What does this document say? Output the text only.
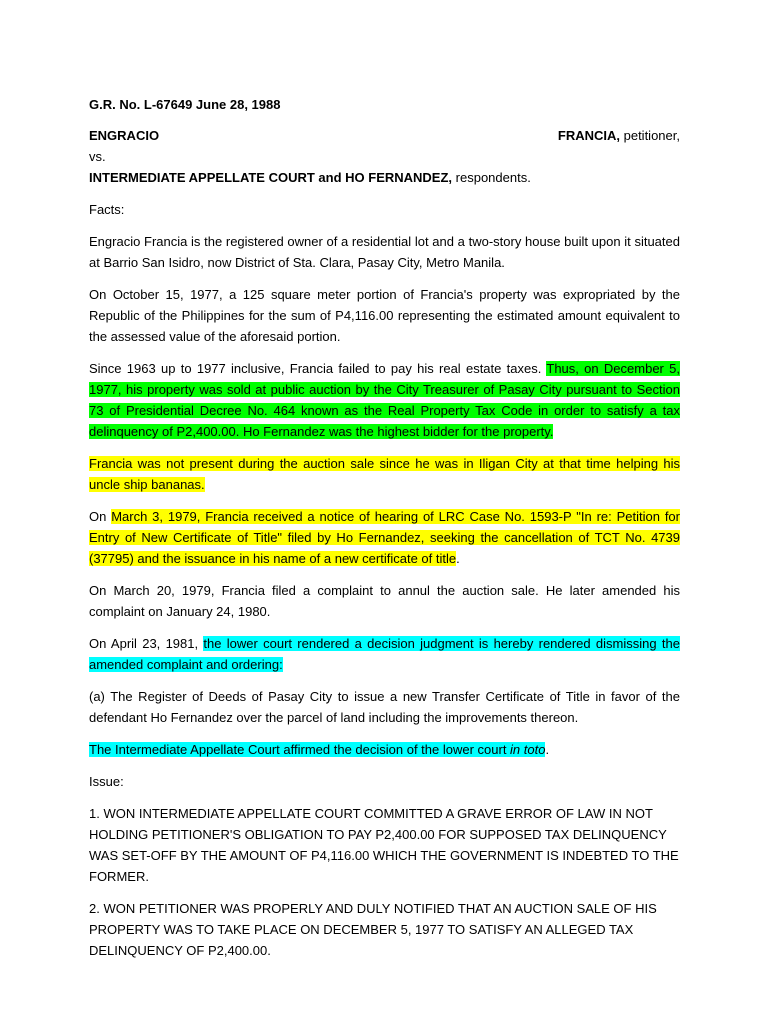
G.R. No. L-67649 June 28, 1988

ENGRACIO	FRANCIA, petitioner,

vs.

INTERMEDIATE APPELLATE COURT and HO FERNANDEZ, respondents.

Facts:

Engracio Francia is the registered owner of a residential lot and a two-story house built upon it situated at Barrio San Isidro, now District of Sta. Clara, Pasay City, Metro Manila.

On October 15, 1977, a 125 square meter portion of Francia's property was expropriated by the Republic of the Philippines for the sum of P4,116.00 representing the estimated amount equivalent to the assessed value of the aforesaid portion.

Since 1963 up to 1977 inclusive, Francia failed to pay his real estate taxes. Thus, on December 5, 1977, his property was sold at public auction by the City Treasurer of Pasay City pursuant to Section 73 of Presidential Decree No. 464 known as the Real Property Tax Code in order to satisfy a tax delinquency of P2,400.00. Ho Fernandez was the highest bidder for the property.

Francia was not present during the auction sale since he was in Iligan City at that time helping his uncle ship bananas.

On March 3, 1979, Francia received a notice of hearing of LRC Case No. 1593-P "In re: Petition for Entry of New Certificate of Title" filed by Ho Fernandez, seeking the cancellation of TCT No. 4739 (37795) and the issuance in his name of a new certificate of title.

On March 20, 1979, Francia filed a complaint to annul the auction sale. He later amended his complaint on January 24, 1980.

On April 23, 1981, the lower court rendered a decision judgment is hereby rendered dismissing the amended complaint and ordering:

(a) The Register of Deeds of Pasay City to issue a new Transfer Certificate of Title in favor of the defendant Ho Fernandez over the parcel of land including the improvements thereon.

The Intermediate Appellate Court affirmed the decision of the lower court in toto.

Issue:

1. WON INTERMEDIATE APPELLATE COURT COMMITTED A GRAVE ERROR OF LAW IN NOT HOLDING PETITIONER'S OBLIGATION TO PAY P2,400.00 FOR SUPPOSED TAX DELINQUENCY WAS SET-OFF BY THE AMOUNT OF P4,116.00 WHICH THE GOVERNMENT IS INDEBTED TO THE FORMER.

2. WON PETITIONER WAS PROPERLY AND DULY NOTIFIED THAT AN AUCTION SALE OF HIS PROPERTY WAS TO TAKE PLACE ON DECEMBER 5, 1977 TO SATISFY AN ALLEGED TAX DELINQUENCY OF P2,400.00.
